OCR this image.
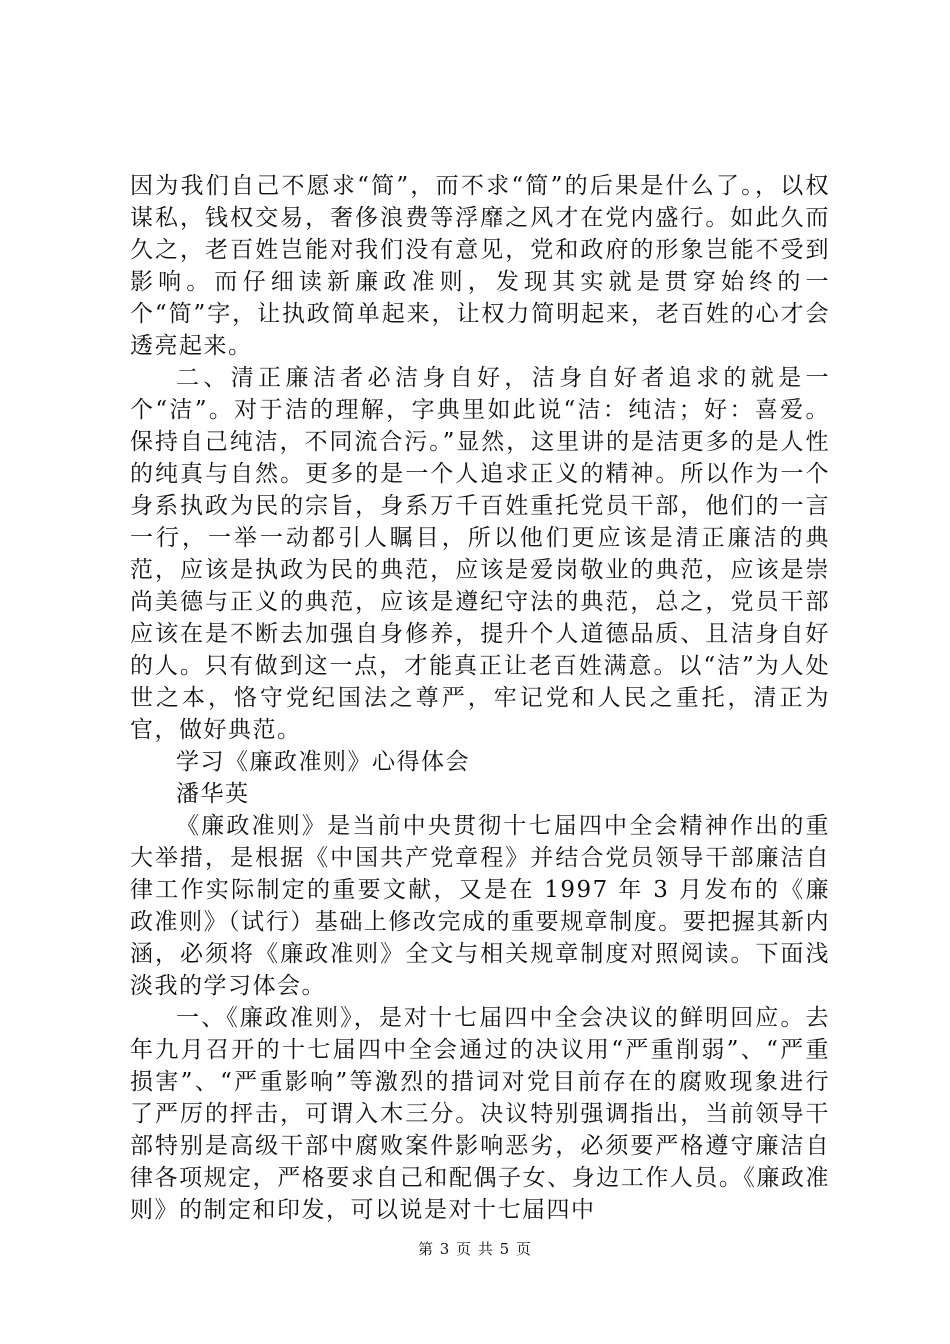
因为我们自己不愿求“简”，而不求“简”的后果是什么了。，以权谋私，钱权交易，奢侈浪费等浮靡之风才在党内盛行。如此久而久之，老百姓岂能对我们没有意见，党和政府的形象岂能不受到影响。而仔细读新廉政准则，发现其实就是贯穿始终的一个“简”字，让执政简单起来，让权力简明起来，老百姓的心才会透亮起来。

二、清正廉洁者必洁身自好，洁身自好者追求的就是一个“洁”。对于洁的理解，字典里如此说“洁：纯洁；好：喜爱。保持自己纯洁，不同流合污。”显然，这里讲的是洁更多的是人性的纯真与自然。更多的是一个人追求正义的精神。所以作为一个身系执政为民的宗旨，身系万千百姓重托党员干部，他们的一言一行，一举一动都引人瞩目，所以他们更应该是清正廉洁的典范，应该是执政为民的典范，应该是爱岗敬业的典范，应该是崇尚美德与正义的典范，应该是遵纪守法的典范，总之，党员干部应该在是不断去加强自身修养，提升个人道德品质、且洁身自好的人。只有做到这一点，才能真正让老百姓满意。以“洁”为人处世之本，恪守党纪国法之尊严，牢记党和人民之重托，清正为官，做好典范。

学习《廉政准则》心得体会

潘华英

《廉政准则》是当前中央贯彻十七届四中全会精神作出的重大举措，是根据《中国共产党章程》并结合党员领导干部廉洁自律工作实际制定的重要文献，又是在 1997 年 3 月发布的《廉政准则》（试行）基础上修改完成的重要规章制度。要把握其新内涵，必须将《廉政准则》全文与相关规章制度对照阅读。下面浅淡我的学习体会。

一、《廉政准则》，是对十七届四中全会决议的鲜明回应。去年九月召开的十七届四中全会通过的决议用“严重削弱”、“严重损害”、“严重影响”等激烈的措词对党目前存在的腐败现象进行了严厉的抨击，可谓入木三分。决议特别强调指出，当前领导干部特别是高级干部中腐败案件影响恶劣，必须要严格遵守廉洁自律各项规定，严格要求自己和配偶子女、身边工作人员。《廉政准则》的制定和印发，可以说是对十七届四中

第 3 页 共 5 页
